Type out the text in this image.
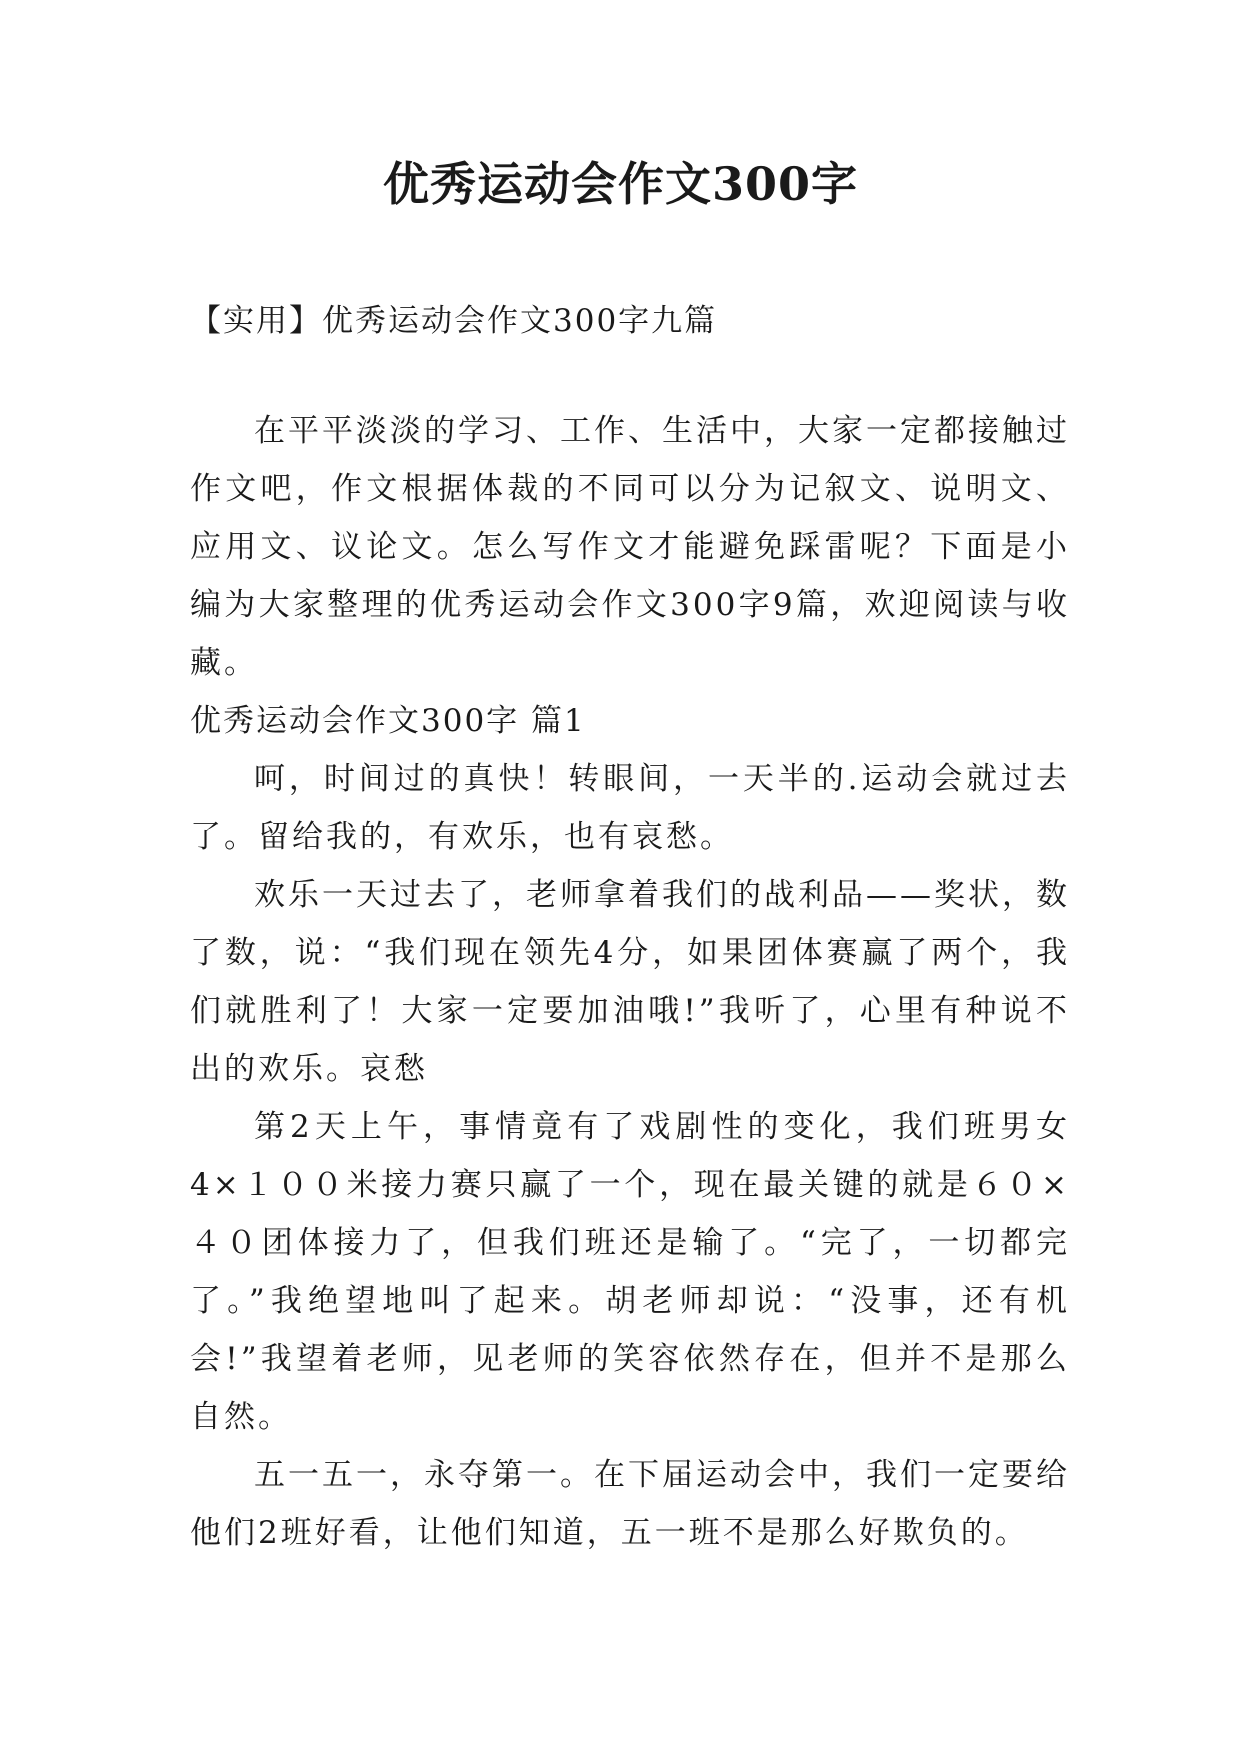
优秀运动会作文300字
【实用】优秀运动会作文300字九篇

在平平淡淡的学习、工作、生活中，大家一定都接触过作文吧，作文根据体裁的不同可以分为记叙文、说明文、应用文、议论文。怎么写作文才能避免踩雷呢？下面是小编为大家整理的优秀运动会作文300字9篇，欢迎阅读与收藏。

优秀运动会作文300字 篇1

呵，时间过的真快！转眼间，一天半的.运动会就过去了。留给我的，有欢乐，也有哀愁。

欢乐一天过去了，老师拿着我们的战利品——奖状，数了数，说：“我们现在领先4分，如果团体赛赢了两个，我们就胜利了！大家一定要加油哦!”我听了，心里有种说不出的欢乐。哀愁

第2天上午，事情竟有了戏剧性的变化，我们班男女4×１００米接力赛只赢了一个，现在最关键的就是６０×４０团体接力了，但我们班还是输了。“完了，一切都完了。”我绝望地叫了起来。胡老师却说：“没事，还有机会!”我望着老师，见老师的笑容依然存在，但并不是那么自然。

五一五一，永夺第一。在下届运动会中，我们一定要给他们2班好看，让他们知道，五一班不是那么好欺负的。
